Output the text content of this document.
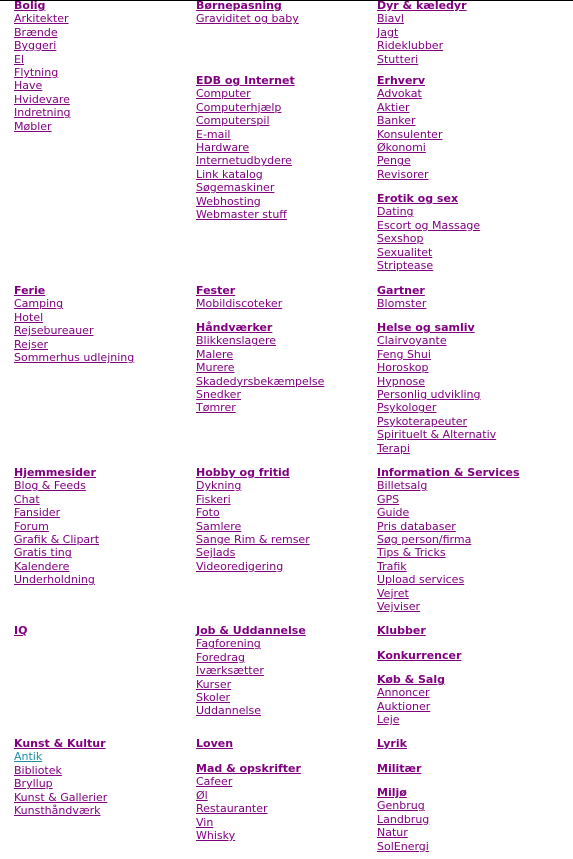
Bolig
Arkitekter
Brænde
Byggeri
El
Flytning
Have
Hvidevare
Indretning
Møbler
Børnepasning
Graviditet og baby
Dyr & kæledyr
Biavl
Jagt
Rideklubber
Stutteri
EDB og Internet
Computer
Computerhjælp
Computerspil
E-mail
Hardware
Internetudbydere
Link katalog
Søgemaskiner
Webhosting
Webmaster stuff
Erhverv
Advokat
Aktier
Banker
Konsulenter
Økonomi
Penge
Revisorer
Erotik og sex
Dating
Escort og Massage
Sexshop
Sexualitet
Striptease
Ferie
Camping
Hotel
Rejsebureauer
Rejser
Sommerhus udlejning
Fester
Mobildiscoteker
Gartner
Blomster
Håndværker
Blikkenslagere
Malere
Murere
Skadedyrsbekæmpelse
Snedker
Tømrer
Helse og samliv
Clairvoyante
Feng Shui
Horoskop
Hypnose
Personlig udvikling
Psykologer
Psykoterapeuter
Spirituelt & Alternativ
Terapi
Hjemmesider
Blog & Feeds
Chat
Fansider
Forum
Grafik & Clipart
Gratis ting
Kalendere
Underholdning
Hobby og fritid
Dykning
Fiskeri
Foto
Samlere
Sange Rim & remser
Sejlads
Videoredigering
Information & Services
Billetsalg
GPS
Guide
Pris databaser
Søg person/firma
Tips & Tricks
Trafik
Upload services
Vejret
Vejviser
IQ	Job & Uddannelse
Fagforening
Foredrag
Iværksætter
Kurser
Skoler
Uddannelse
Klubber
Konkurrencer
Køb & Salg
Annoncer
Auktioner
Leje
Kunst & Kultur
Antik
Bibliotek
Bryllup
Kunst & Gallerier
Kunsthåndværk
Loven
Mad & opskrifter
Cafeer
Øl
Restauranter
Vin
Whisky
Lyrik
Militær
Miljø
Genbrug
Landbrug
Natur
SolEnergi
